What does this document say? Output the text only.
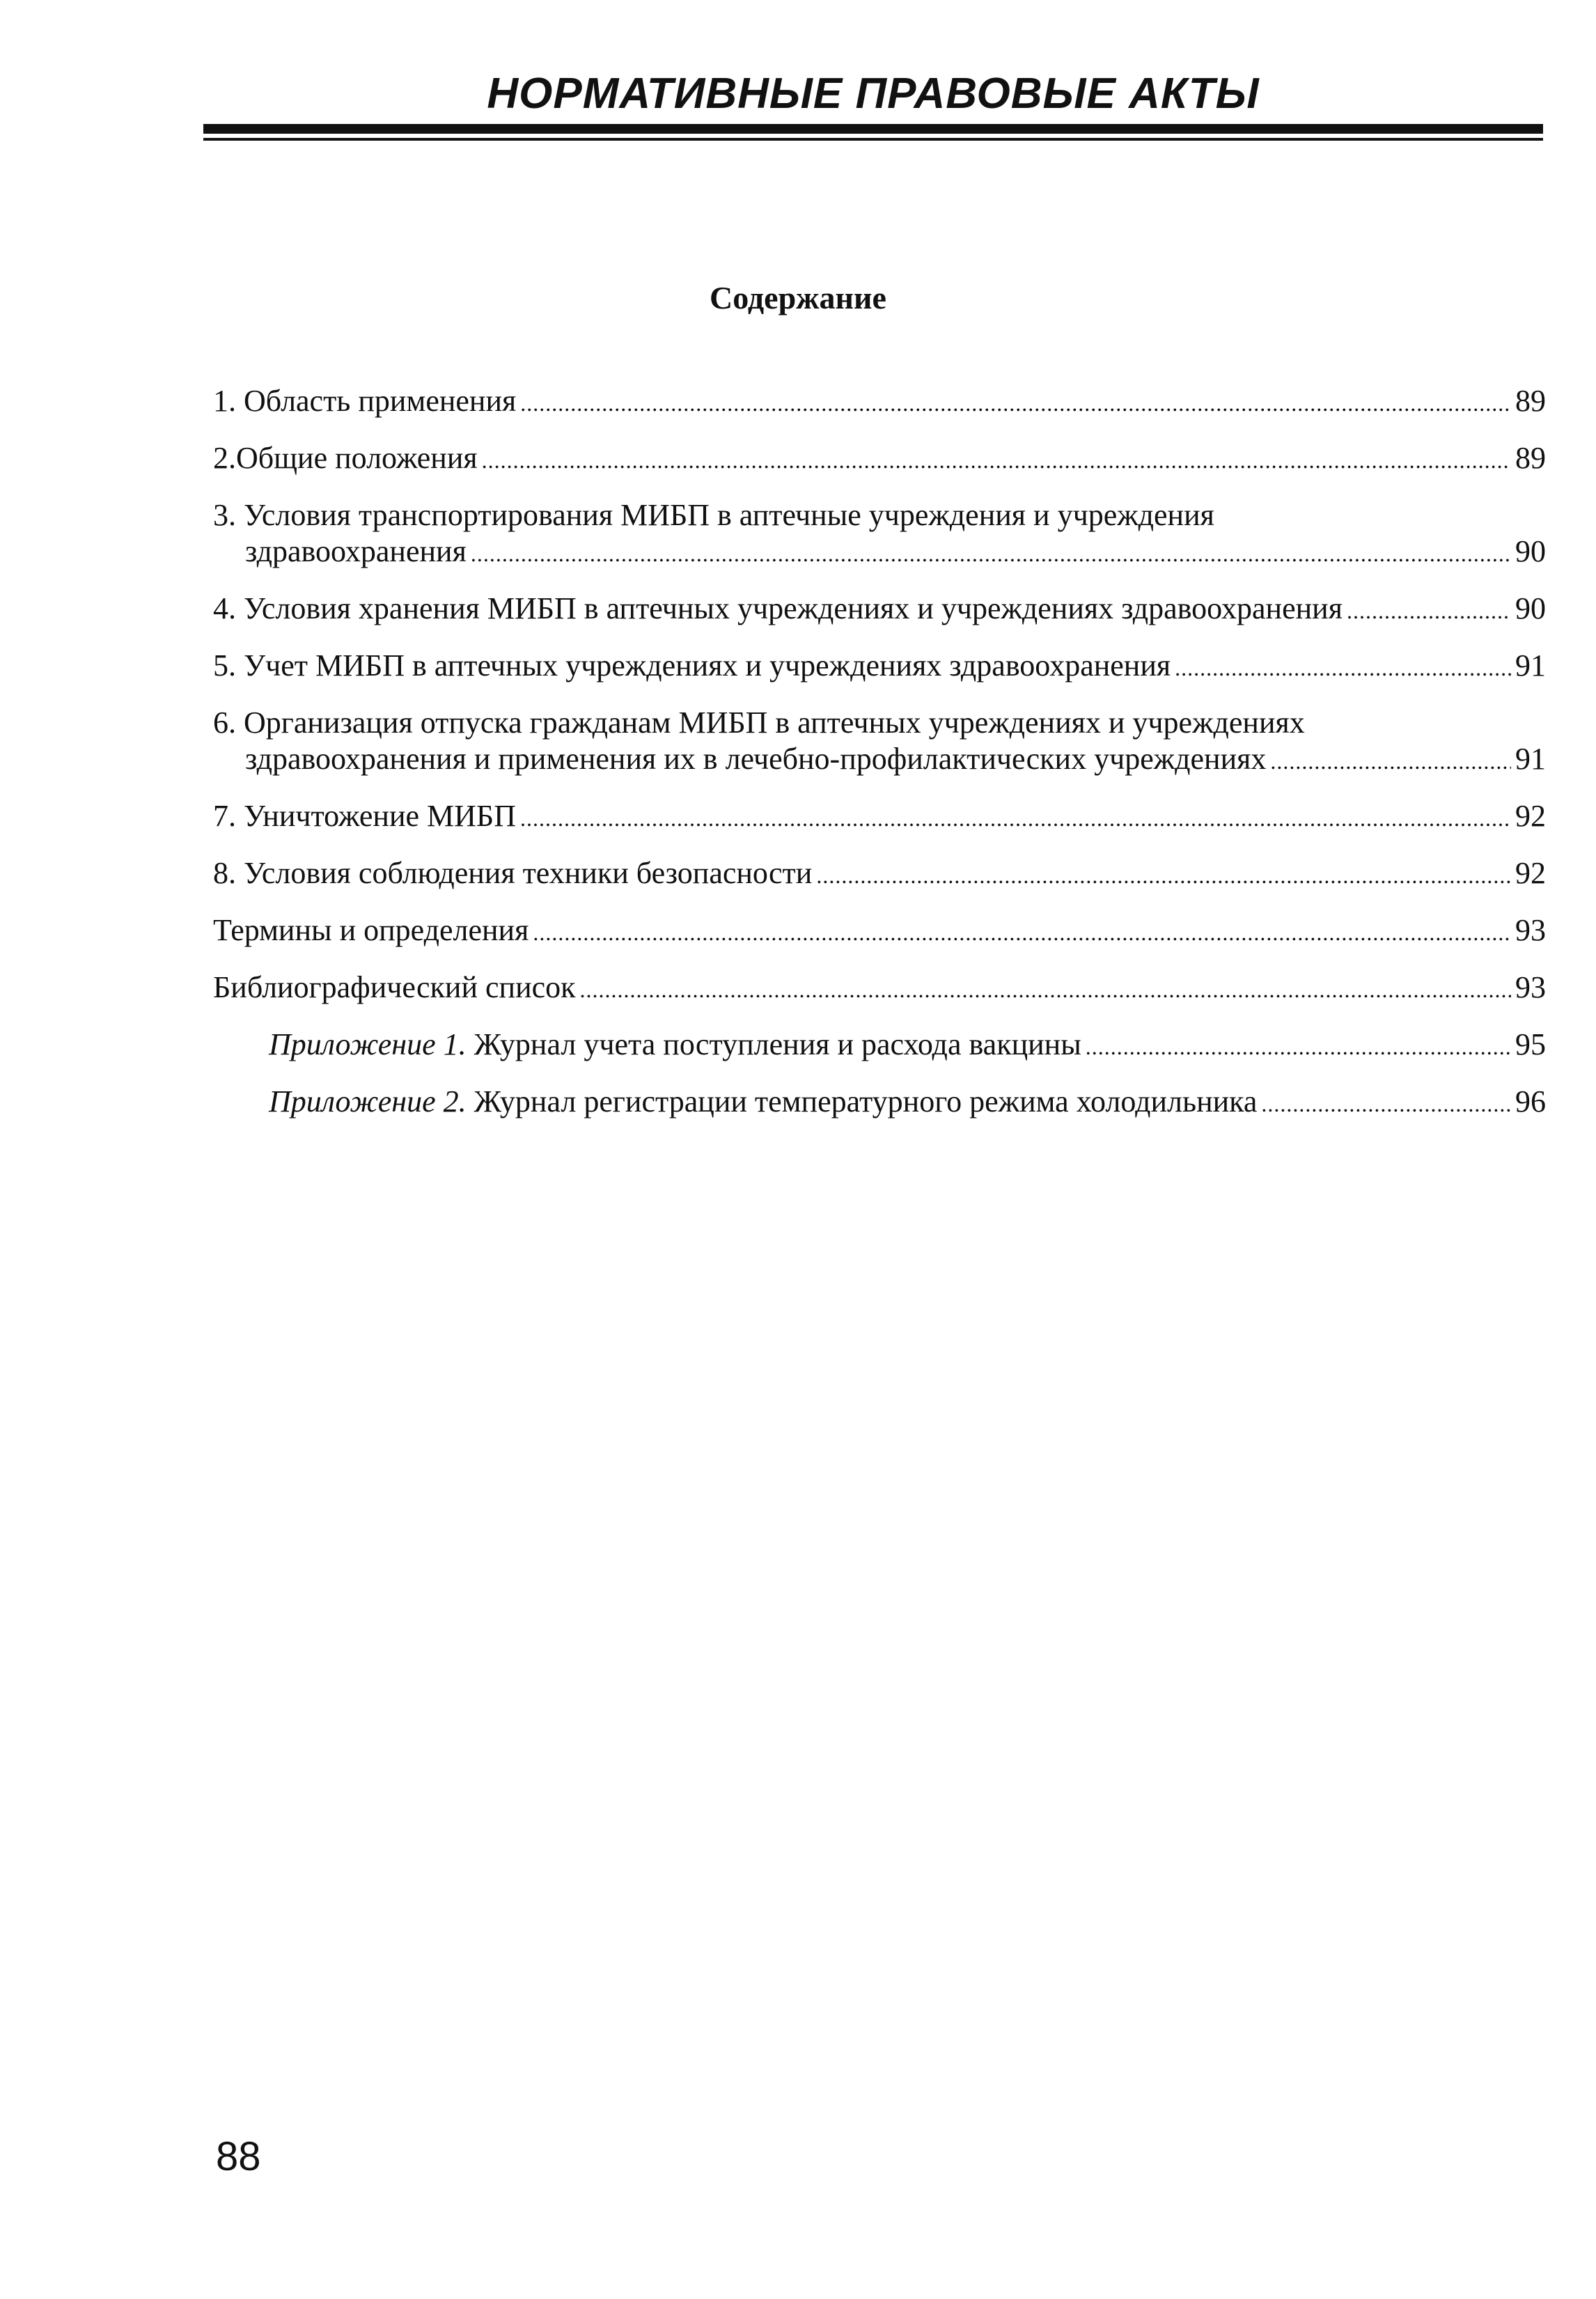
НОРМАТИВНЫЕ ПРАВОВЫЕ АКТЫ
Содержание
1. Область применения .....	89
2.Общие положения .....	89
3. Условия транспортирования МИБП в аптечные учреждения и учреждения
здравоохранения .....	90
4. Условия хранения МИБП в аптечных учреждениях и учреждениях здравоохранения .....	90
5. Учет МИБП в аптечных учреждениях и учреждениях здравоохранения .....	91
6. Организация отпуска гражданам МИБП в аптечных учреждениях и учреждениях
здравоохранения и применения их в лечебно-профилактических учреждениях .....	91
7. Уничтожение МИБП .....	92
8. Условия соблюдения техники безопасности .....	92
Термины и определения .....	93
Библиографический список .....	93
Приложение 1. Журнал учета поступления и расхода вакцины .....	95
Приложение 2. Журнал регистрации температурного режима холодильника .....	96
88
